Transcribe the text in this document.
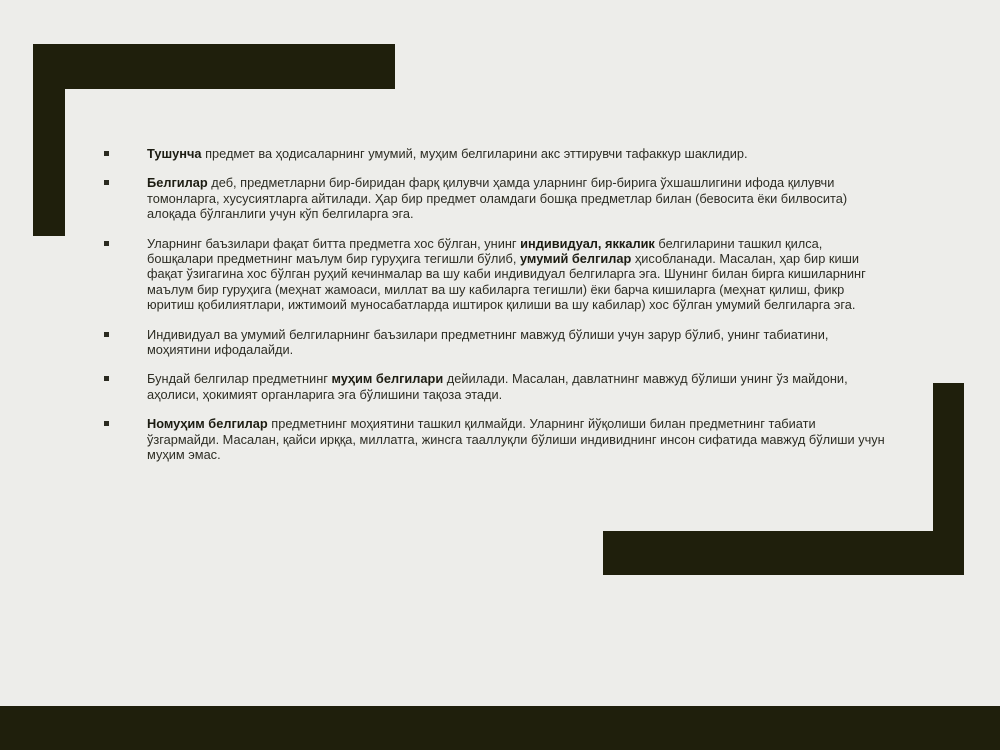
Тушунча предмет ва ҳодисаларнинг умумий, муҳим белгиларини акс эттирувчи тафаккур шаклидир.
Белгилар деб, предметларни бир-биридан фарқ қилувчи ҳамда уларнинг бир-бирига ўхшашлигини ифода қилувчи томонларга, хусусиятларга айтилади. Ҳар бир предмет оламдаги бошқа предметлар билан (бевосита ёки билвосита) алоқада бўлганлиги учун кўп белгиларга эга.
Уларнинг баъзилари фақат битта предметга хос бўлган, унинг индивидуал, яккалик белгиларини ташкил қилса, бошқалари предметнинг маълум бир гуруҳига тегишли бўлиб, умумий белгилар ҳисобланади. Масалан, ҳар бир киши фақат ўзигагина хос бўлган руҳий кечинмалар ва шу каби индивидуал белгиларга эга. Шунинг билан бирга кишиларнинг маълум бир гуруҳига (меҳнат жамоаси, миллат ва шу кабиларга тегишли) ёки барча кишиларга (меҳнат қилиш, фикр юритиш қобилиятлари, ижтимоий муносабатларда иштирок қилиши ва шу кабилар) хос бўлган умумий белгиларга эга.
Индивидуал ва умумий белгиларнинг баъзилари предметнинг мавжуд бўлиши учун зарур бўлиб, унинг табиатини, моҳиятини ифодалайди.
Бундай белгилар предметнинг муҳим белгилари дейилади. Масалан, давлатнинг мавжуд бўлиши унинг ўз майдони, аҳолиси, ҳокимият органларига эга бўлишини тақоза этади.
Номуҳим белгилар предметнинг моҳиятини ташкил қилмайди. Уларнинг йўқолиши билан предметнинг табиати ўзгармайди. Масалан, қайси ирққа, миллатга, жинсга тааллуқли бўлиши индивиднинг инсон сифатида мавжуд бўлиши учун муҳим эмас.
